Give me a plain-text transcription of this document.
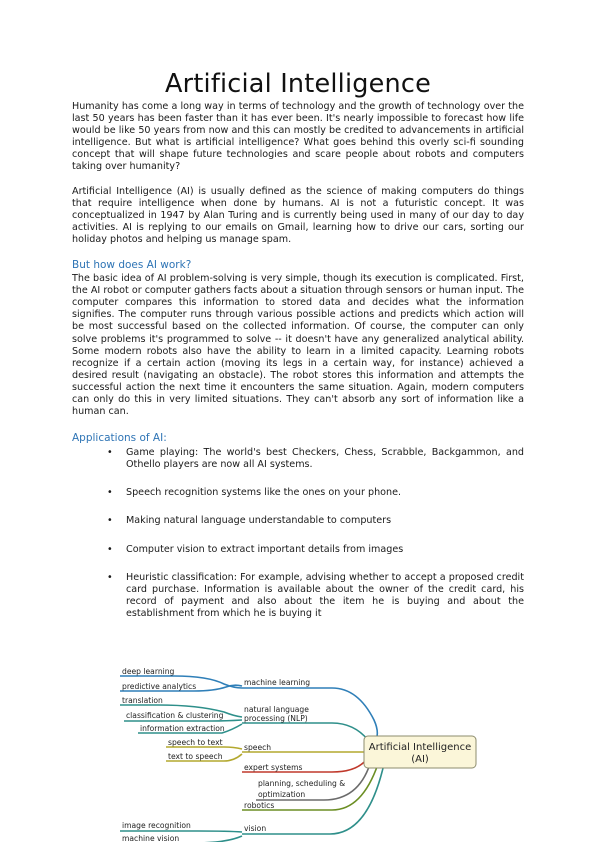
Artificial Intelligence

Humanity has come a long way in terms of technology and the growth of technology over the last 50 years has been faster than it has ever been. It's nearly impossible to forecast how life would be like 50 years from now and this can mostly be credited to advancements in artificial intelligence. But what is artificial intelligence? What goes behind this overly sci-fi sounding concept that will shape future technologies and scare people about robots and computers taking over humanity?

Artificial Intelligence (AI) is usually defined as the science of making computers do things that require intelligence when done by humans. AI is not a futuristic concept. It was conceptualized in 1947 by Alan Turing and is currently being used in many of our day to day activities. AI is replying to our emails on Gmail, learning how to drive our cars, sorting our holiday photos and helping us manage spam.

But how does AI work?

The basic idea of AI problem-solving is very simple, though its execution is complicated. First, the AI robot or computer gathers facts about a situation through sensors or human input. The computer compares this information to stored data and decides what the information signifies. The computer runs through various possible actions and predicts which action will be most successful based on the collected information. Of course, the computer can only solve problems it's programmed to solve -- it doesn't have any generalized analytical ability. Some modern robots also have the ability to learn in a limited capacity. Learning robots recognize if a certain action (moving its legs in a certain way, for instance) achieved a desired result (navigating an obstacle). The robot stores this information and attempts the successful action the next time it encounters the same situation. Again, modern computers can only do this in very limited situations. They can't absorb any sort of information like a human can.

Applications of AI:
• Game playing: The world's best Checkers, Chess, Scrabble, Backgammon, and Othello players are now all AI systems.
• Speech recognition systems like the ones on your phone.
• Making natural language understandable to computers
• Computer vision to extract important details from images
• Heuristic classification: For example, advising whether to accept a proposed credit card purchase. Information is available about the owner of the credit card, his record of payment and also about the item he is buying and about the establishment from which he is buying it
deep learning
predictive analytics
translation
classification & clustering
information extraction
speech to text
text to speech
image recognition
machine vision
machine learning
natural language
processing (NLP)
speech
expert systems
planning, scheduling &
optimization
robotics
vision
Artificial Intelligence
(AI)
